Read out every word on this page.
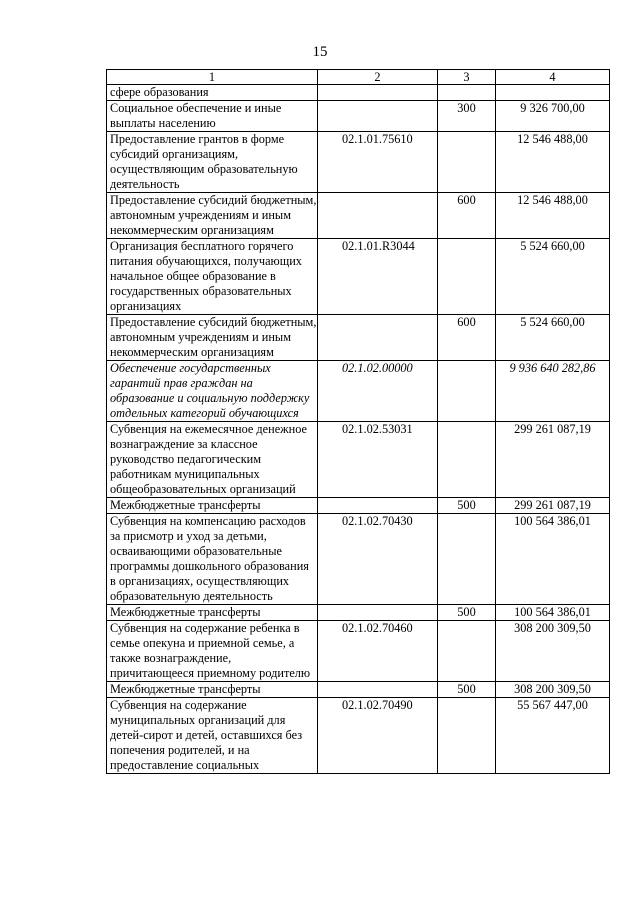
15
1	2	3	4
сфере образования			
Социальное обеспечение и иные выплаты населению		300	9 326 700,00
Предоставление грантов в форме субсидий организациям, осуществляющим образовательную деятельность	02.1.01.75610		12 546 488,00
Предоставление субсидий бюджетным, автономным учреждениям и иным некоммерческим организациям		600	12 546 488,00
Организация бесплатного горячего питания обучающихся, получающих начальное общее образование в государственных образовательных организациях	02.1.01.R3044		5 524 660,00
Предоставление субсидий бюджетным, автономным учреждениям и иным некоммерческим организациям		600	5 524 660,00
Обеспечение государственных гарантий прав граждан на образование и социальную поддержку отдельных категорий обучающихся	02.1.02.00000		9 936 640 282,86
Субвенция на ежемесячное денежное вознаграждение за классное руководство педагогическим работникам муниципальных общеобразовательных организаций	02.1.02.53031		299 261 087,19
Межбюджетные трансферты		500	299 261 087,19
Субвенция на компенсацию расходов за присмотр и уход за детьми, осваивающими образовательные программы дошкольного образования в организациях, осуществляющих образовательную деятельность	02.1.02.70430		100 564 386,01
Межбюджетные трансферты		500	100 564 386,01
Субвенция на содержание ребенка в семье опекуна и приемной семье, а также вознаграждение, причитающееся приемному родителю	02.1.02.70460		308 200 309,50
Межбюджетные трансферты		500	308 200 309,50
Субвенция на содержание муниципальных организаций для детей-сирот и детей, оставшихся без попечения родителей, и на предоставление социальных	02.1.02.70490		55 567 447,00
